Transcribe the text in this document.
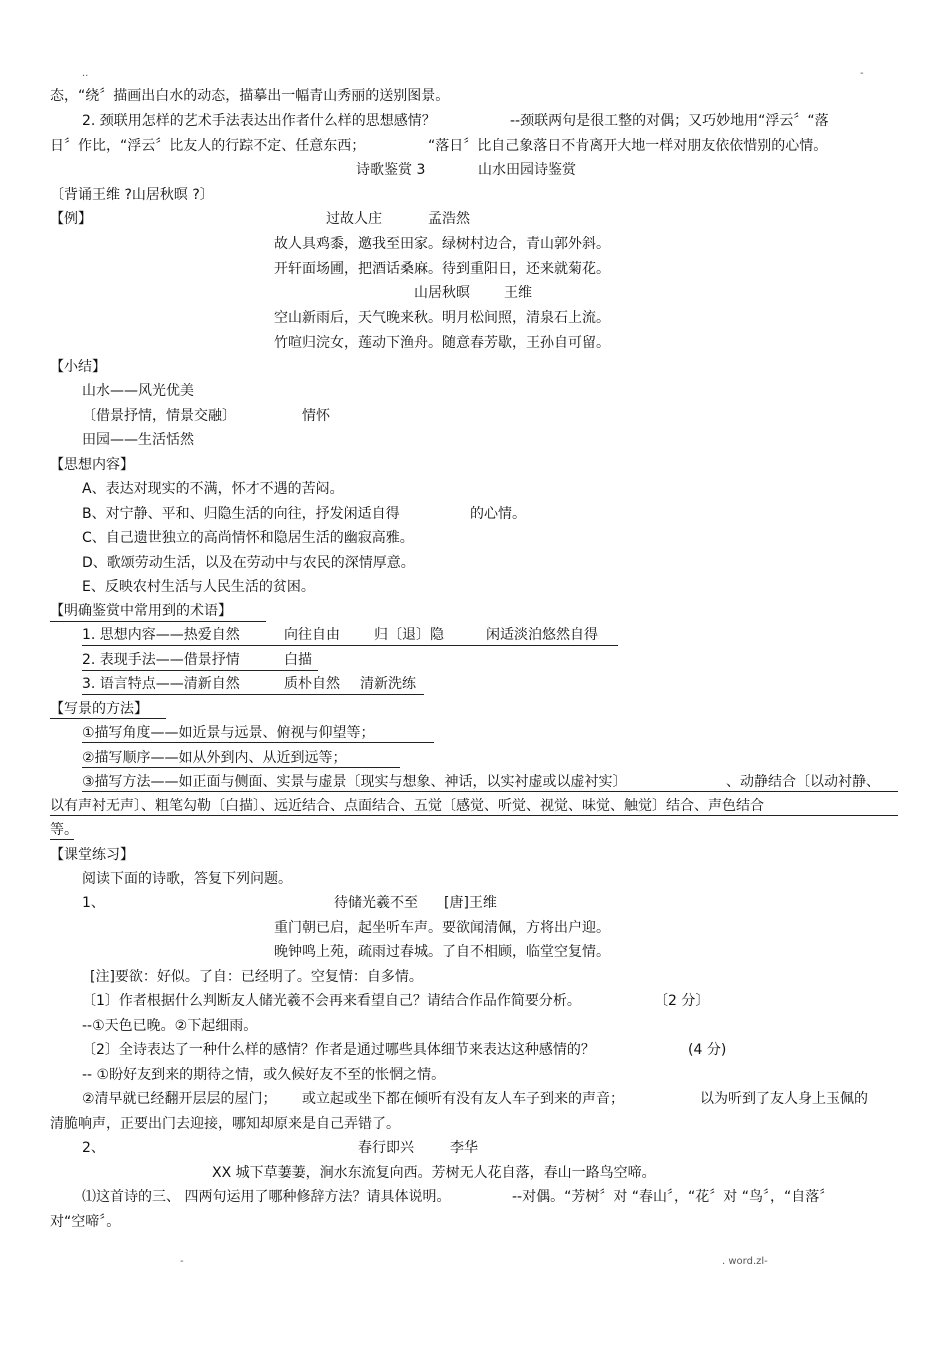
..	-
态，“绕〞描画出白水的动态，描摹出一幅青山秀丽的送别图景。
2. 颈联用怎样的艺术手法表达出作者什么样的思想感情？	--颈联两句是很工整的对偶；又巧妙地用“浮云〞“落
日〞作比，“浮云〞比友人的行踪不定、任意东西；	“落日〞比自己象落日不肯离开大地一样对朋友依依惜别的心情。
诗歌鉴赏 3	山水田园诗鉴赏
〔背诵王维 ?山居秋暝 ?〕
【例】	过故人庄	孟浩然
故人具鸡黍，邀我至田家。绿树村边合，青山郭外斜。
开轩面场圃，把酒话桑麻。待到重阳日，还来就菊花。
山居秋暝 王维
空山新雨后，天气晚来秋。明月松间照，清泉石上流。
竹喧归浣女，莲动下渔舟。随意春芳歇，王孙自可留。
【小结】
山水——风光优美
〔借景抒情，情景交融〕	情怀
田园——生活恬然
【思想内容】
A、表达对现实的不满，怀才不遇的苦闷。
B、对宁静、平和、归隐生活的向往，抒发闲适自得	的心情。
C、自己遗世独立的高尚情怀和隐居生活的幽寂高雅。
D、歌颂劳动生活，以及在劳动中与农民的深情厚意。
E、反映农村生活与人民生活的贫困。
【明确鉴赏中常用到的术语】
1. 思想内容——热爱自然	向往自由 归〔退〕隐	闲适淡泊悠然自得
2. 表现手法——借景抒情	白描
3. 语言特点——清新自然	质朴自然 清新洗练
【写景的方法】
①描写角度——如近景与远景、俯视与仰望等；
②描写顺序——如从外到内、从近到远等；
③描写方法——如正面与侧面、实景与虚景〔现实与想象、神话，以实衬虚或以虚衬实〕	、动静结合〔以动衬静、
以有声衬无声〕、粗笔勾勒〔白描〕、远近结合、点面结合、五觉〔感觉、听觉、视觉、味觉、触觉〕结合、声色结合
等。
【课堂练习】
阅读下面的诗歌，答复下列问题。
1、	待储光羲不至 [唐]王维
重门朝已启，起坐听车声。要欲闻清佩，方将出户迎。
晚钟鸣上苑，疏雨过春城。了自不相顾，临堂空复情。
[注]要欲：好似。了自：已经明了。空复情：自多情。
〔1〕作者根据什么判断友人储光羲不会再来看望自己？请结合作品作简要分析。	〔2 分〕
--①天色已晚。②下起细雨。
〔2〕全诗表达了一种什么样的感情？作者是通过哪些具体细节来表达这种感情的？	(4 分)
-- ①盼好友到来的期待之情，或久候好友不至的怅惘之情。
②清早就已经翻开层层的屋门； 或立起或坐下都在倾听有没有友人车子到来的声音；	以为听到了友人身上玉佩的
清脆响声，正要出门去迎接，哪知却原来是自己弄错了。
2、	春行即兴	李华
XX 城下草萋萋，涧水东流复向西。芳树无人花自落，春山一路鸟空啼。
⑴这首诗的三、 四两句运用了哪种修辞方法？请具体说明。	--对偶。“芳树〞对 “春山〞，“花〞对 “鸟〞，“自落〞
对“空啼〞。
-	. word.zl-
